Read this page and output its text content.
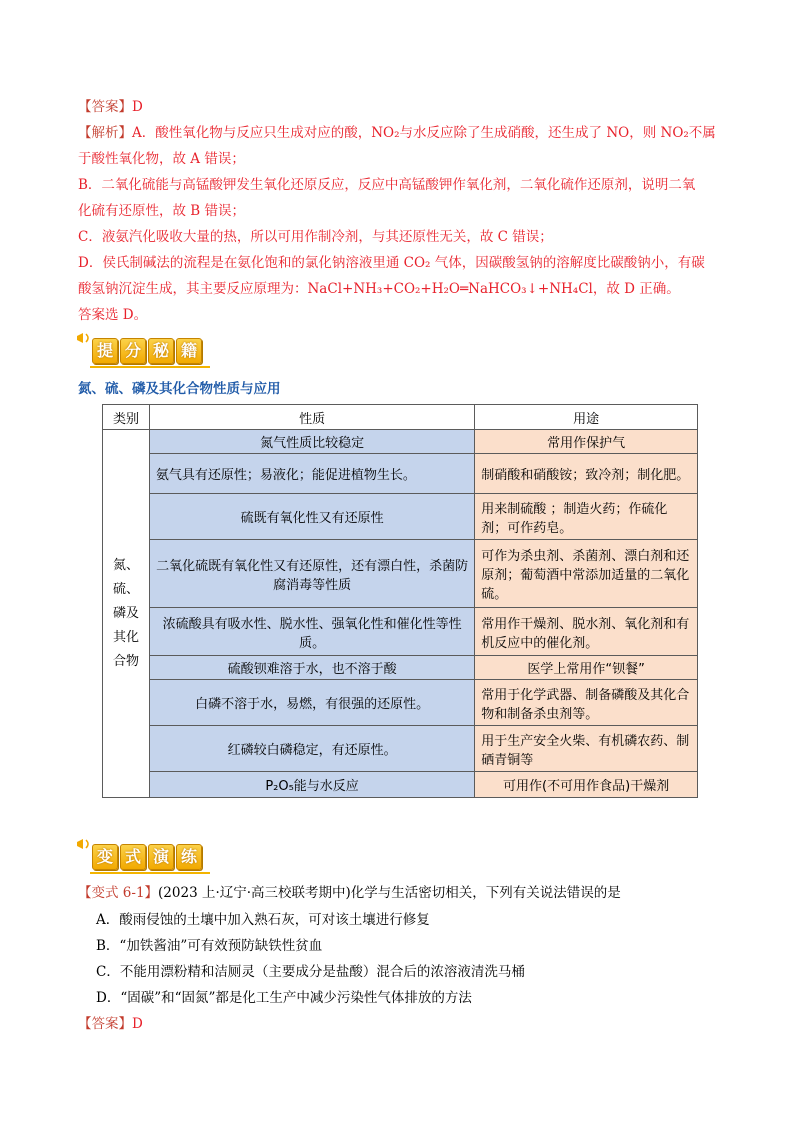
【答案】D
【解析】A．酸性氧化物与反应只生成对应的酸，NO₂与水反应除了生成硝酸，还生成了 NO，则 NO₂不属
于酸性氧化物，故 A 错误；
B．二氧化硫能与高锰酸钾发生氧化还原反应，反应中高锰酸钾作氧化剂，二氧化硫作还原剂，说明二氧
化硫有还原性，故 B 错误；
C．液氨汽化吸收大量的热，所以可用作制冷剂，与其还原性无关，故 C 错误；
D．侯氏制碱法的流程是在氨化饱和的氯化钠溶液里通 CO₂ 气体，因碳酸氢钠的溶解度比碳酸钠小，有碳
酸氢钠沉淀生成，其主要反应原理为：NaCl+NH₃+CO₂+H₂O═NaHCO₃↓+NH₄Cl，故 D 正确。
答案选 D。
提 分 秘 籍
氮、硫、磷及其化合物性质与应用
类别	性质	用途

氮、
硫、
磷及
其化
合物	氮气性质比较稳定	常用作保护气
	氨气具有还原性；易液化；能促进植物生长。	制硝酸和硝酸铵；致冷剂；制化肥。
	硫既有氧化性又有还原性	用来制硫酸 ；制造火药；作硫化剂；可作药皂。
	二氧化硫既有氧化性又有还原性，还有漂白性，杀菌防腐消毒等性质	可作为杀虫剂、杀菌剂、漂白剂和还原剂；葡萄酒中常添加适量的二氧化硫。
	浓硫酸具有吸水性、脱水性、强氧化性和催化性等性质。	常用作干燥剂、脱水剂、氧化剂和有机反应中的催化剂。
	硫酸钡难溶于水，也不溶于酸	医学上常用作“钡餐”
	白磷不溶于水，易燃，有很强的还原性。	常用于化学武器、制备磷酸及其化合物和制备杀虫剂等。
	红磷较白磷稳定，有还原性。	用于生产安全火柴、有机磷农药、制硒青铜等
	P₂O₅能与水反应	可用作(不可用作食品)干燥剂
变 式 演 练
【变式 6-1】(2023 上·辽宁·高三校联考期中)化学与生活密切相关，下列有关说法错误的是
A．酸雨侵蚀的土壤中加入熟石灰，可对该土壤进行修复
B．“加铁酱油”可有效预防缺铁性贫血
C．不能用漂粉精和洁厕灵（主要成分是盐酸）混合后的浓溶液清洗马桶
D．“固碳”和“固氮”都是化工生产中减少污染性气体排放的方法
【答案】D
